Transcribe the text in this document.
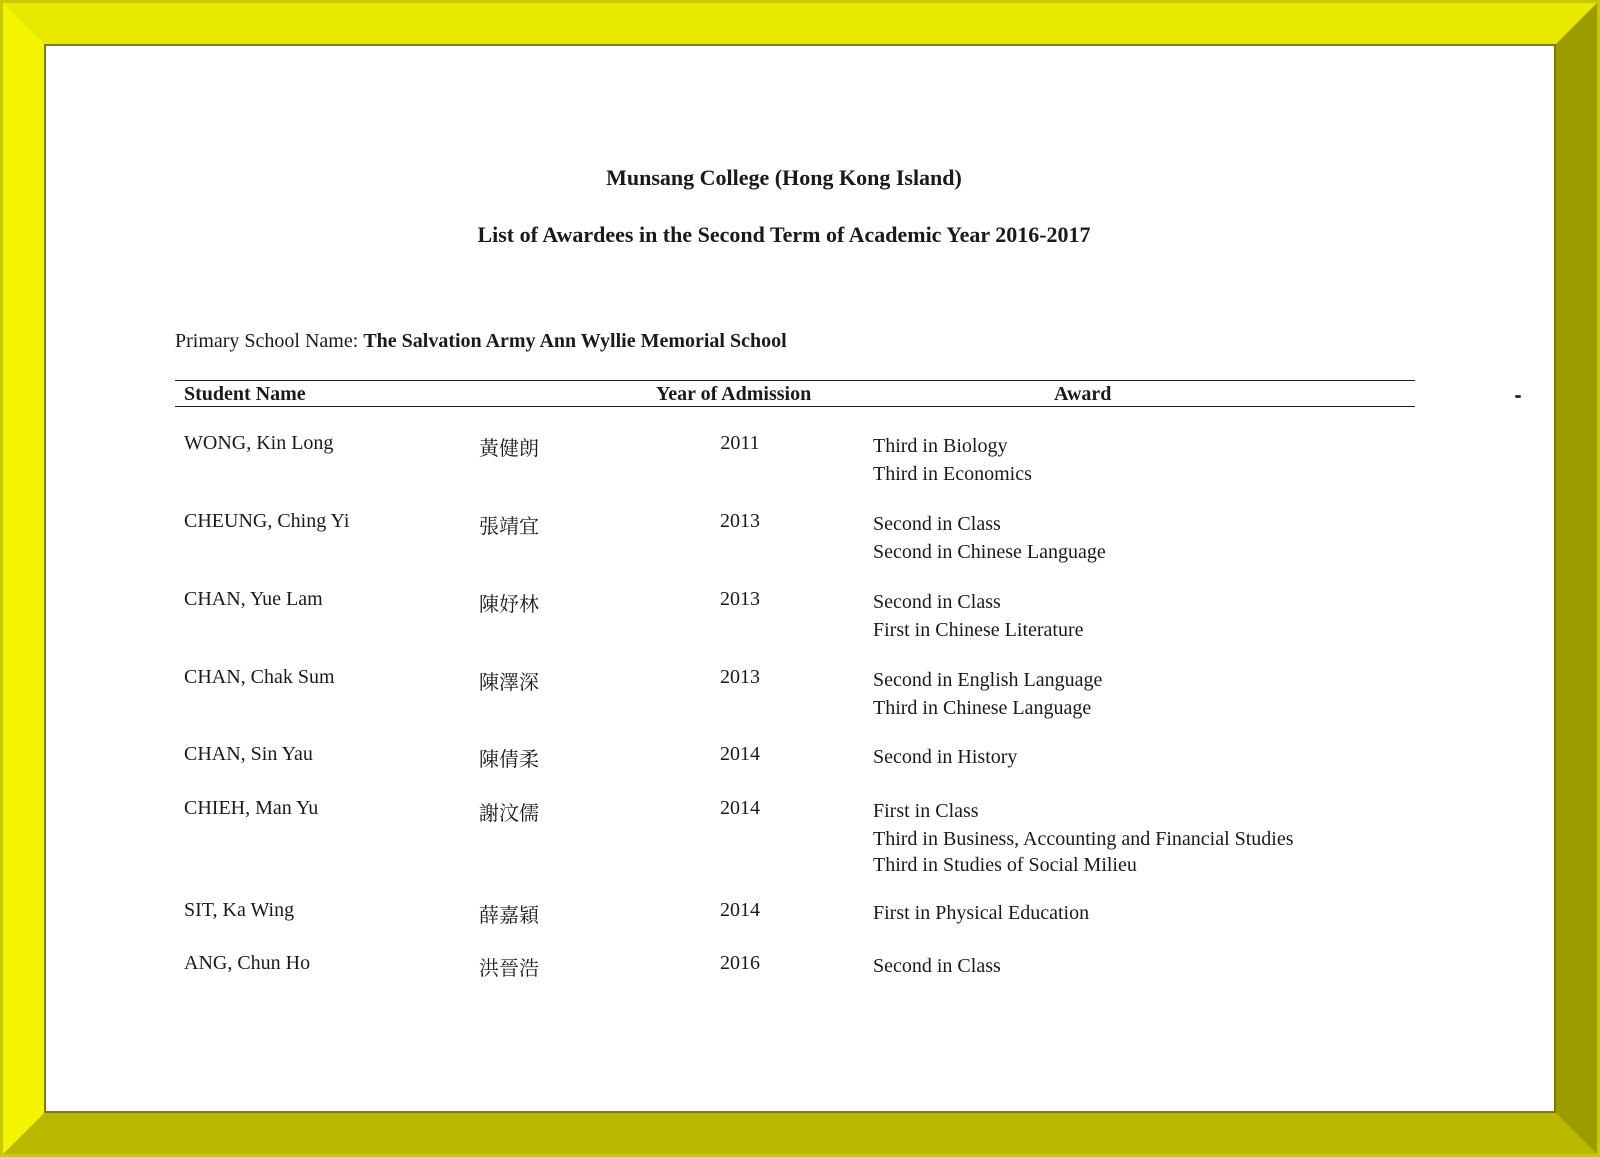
Munsang College (Hong Kong Island)
List of Awardees in the Second Term of Academic Year 2016-2017
Primary School Name: The Salvation Army Ann Wyllie Memorial School
Student Name	Year of Admission	Award
WONG, Kin Long	黃健朗	2011	Third in Biology
Third in Economics
CHEUNG, Ching Yi	張靖宜	2013	Second in Class
Second in Chinese Language
CHAN, Yue Lam	陳妤林	2013	Second in Class
First in Chinese Literature
CHAN, Chak Sum	陳澤深	2013	Second in English Language
Third in Chinese Language
CHAN, Sin Yau	陳倩柔	2014	Second in History
CHIEH, Man Yu	謝汶儒	2014	First in Class
Third in Business, Accounting and Financial Studies
Third in Studies of Social Milieu
SIT, Ka Wing	薛嘉穎	2014	First in Physical Education
ANG, Chun Ho	洪晉浩	2016	Second in Class
